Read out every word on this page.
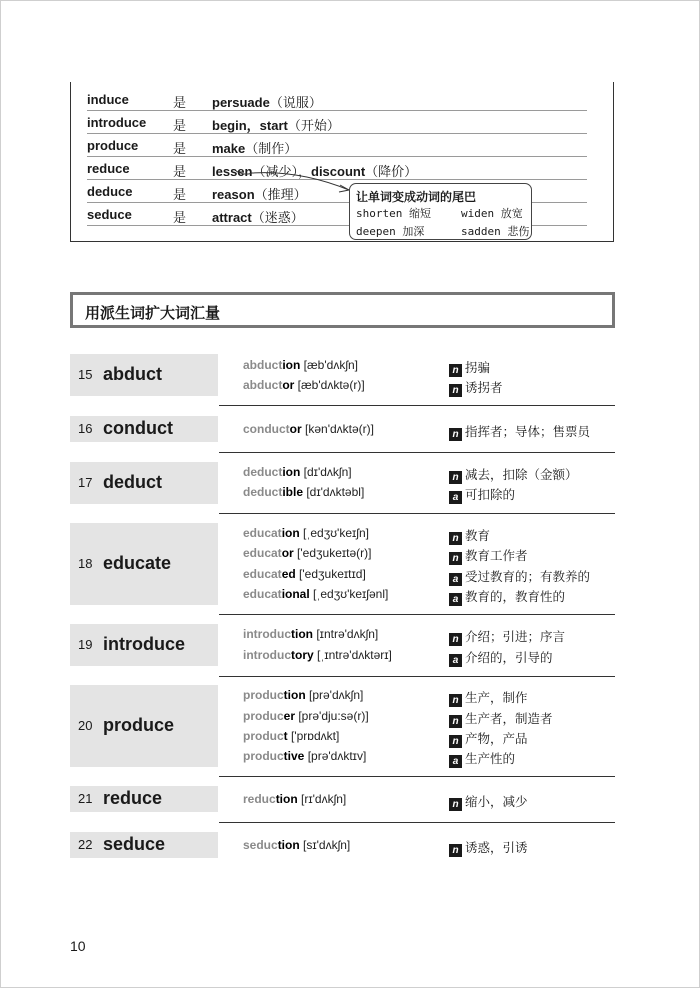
induce	是 persuade（说服）
introduce 是 begin，start（开始）
produce	是 make（制作）
reduce	是 lessen（减少），discount（降价）
deduce	是 reason（推理）
seduce	是 attract（迷惑）
让单词变成动词的尾巴
shorten 缩短	widen 放宽
deepen 加深	sadden 悲伤
用派生词扩大词汇量
15 abduct	abduction [æb'dʌkʃn]	n 拐骗
abductor [æb'dʌktə(r)]	n 诱拐者
16 conduct	conductor [kən'dʌktə(r)]	n 指挥者；导体；售票员
17 deduct	deduction [dɪ'dʌkʃn]	n 减去，扣除（金额）
deductible [dɪ'dʌktəbl]	a 可扣除的
18 educate
education [ˌedʒʊ'keɪʃn]	n 教育
educator ['edʒukeɪtə(r)]	n 教育工作者
educated ['edʒukeɪtɪd]	a 受过教育的；有教养的
educational [ˌedʒʊ'keɪʃənl]	a 教育的，教育性的
19 introduce	introduction [ɪntrə'dʌkʃn]	n 介绍；引进；序言
introductory [ˌɪntrə'dʌktərɪ]	a 介绍的，引导的
20 produce
production [prə'dʌkʃn]	n 生产，制作
producer [prə'dju:sə(r)]	n 生产者，制造者
product ['prɒdʌkt]	n 产物，产品
productive [prə'dʌktɪv]	a 生产性的
21 reduce	reduction [rɪ'dʌkʃn]	n 缩小，减少
22 seduce	seduction [sɪ'dʌkʃn]	n 诱惑，引诱
10
